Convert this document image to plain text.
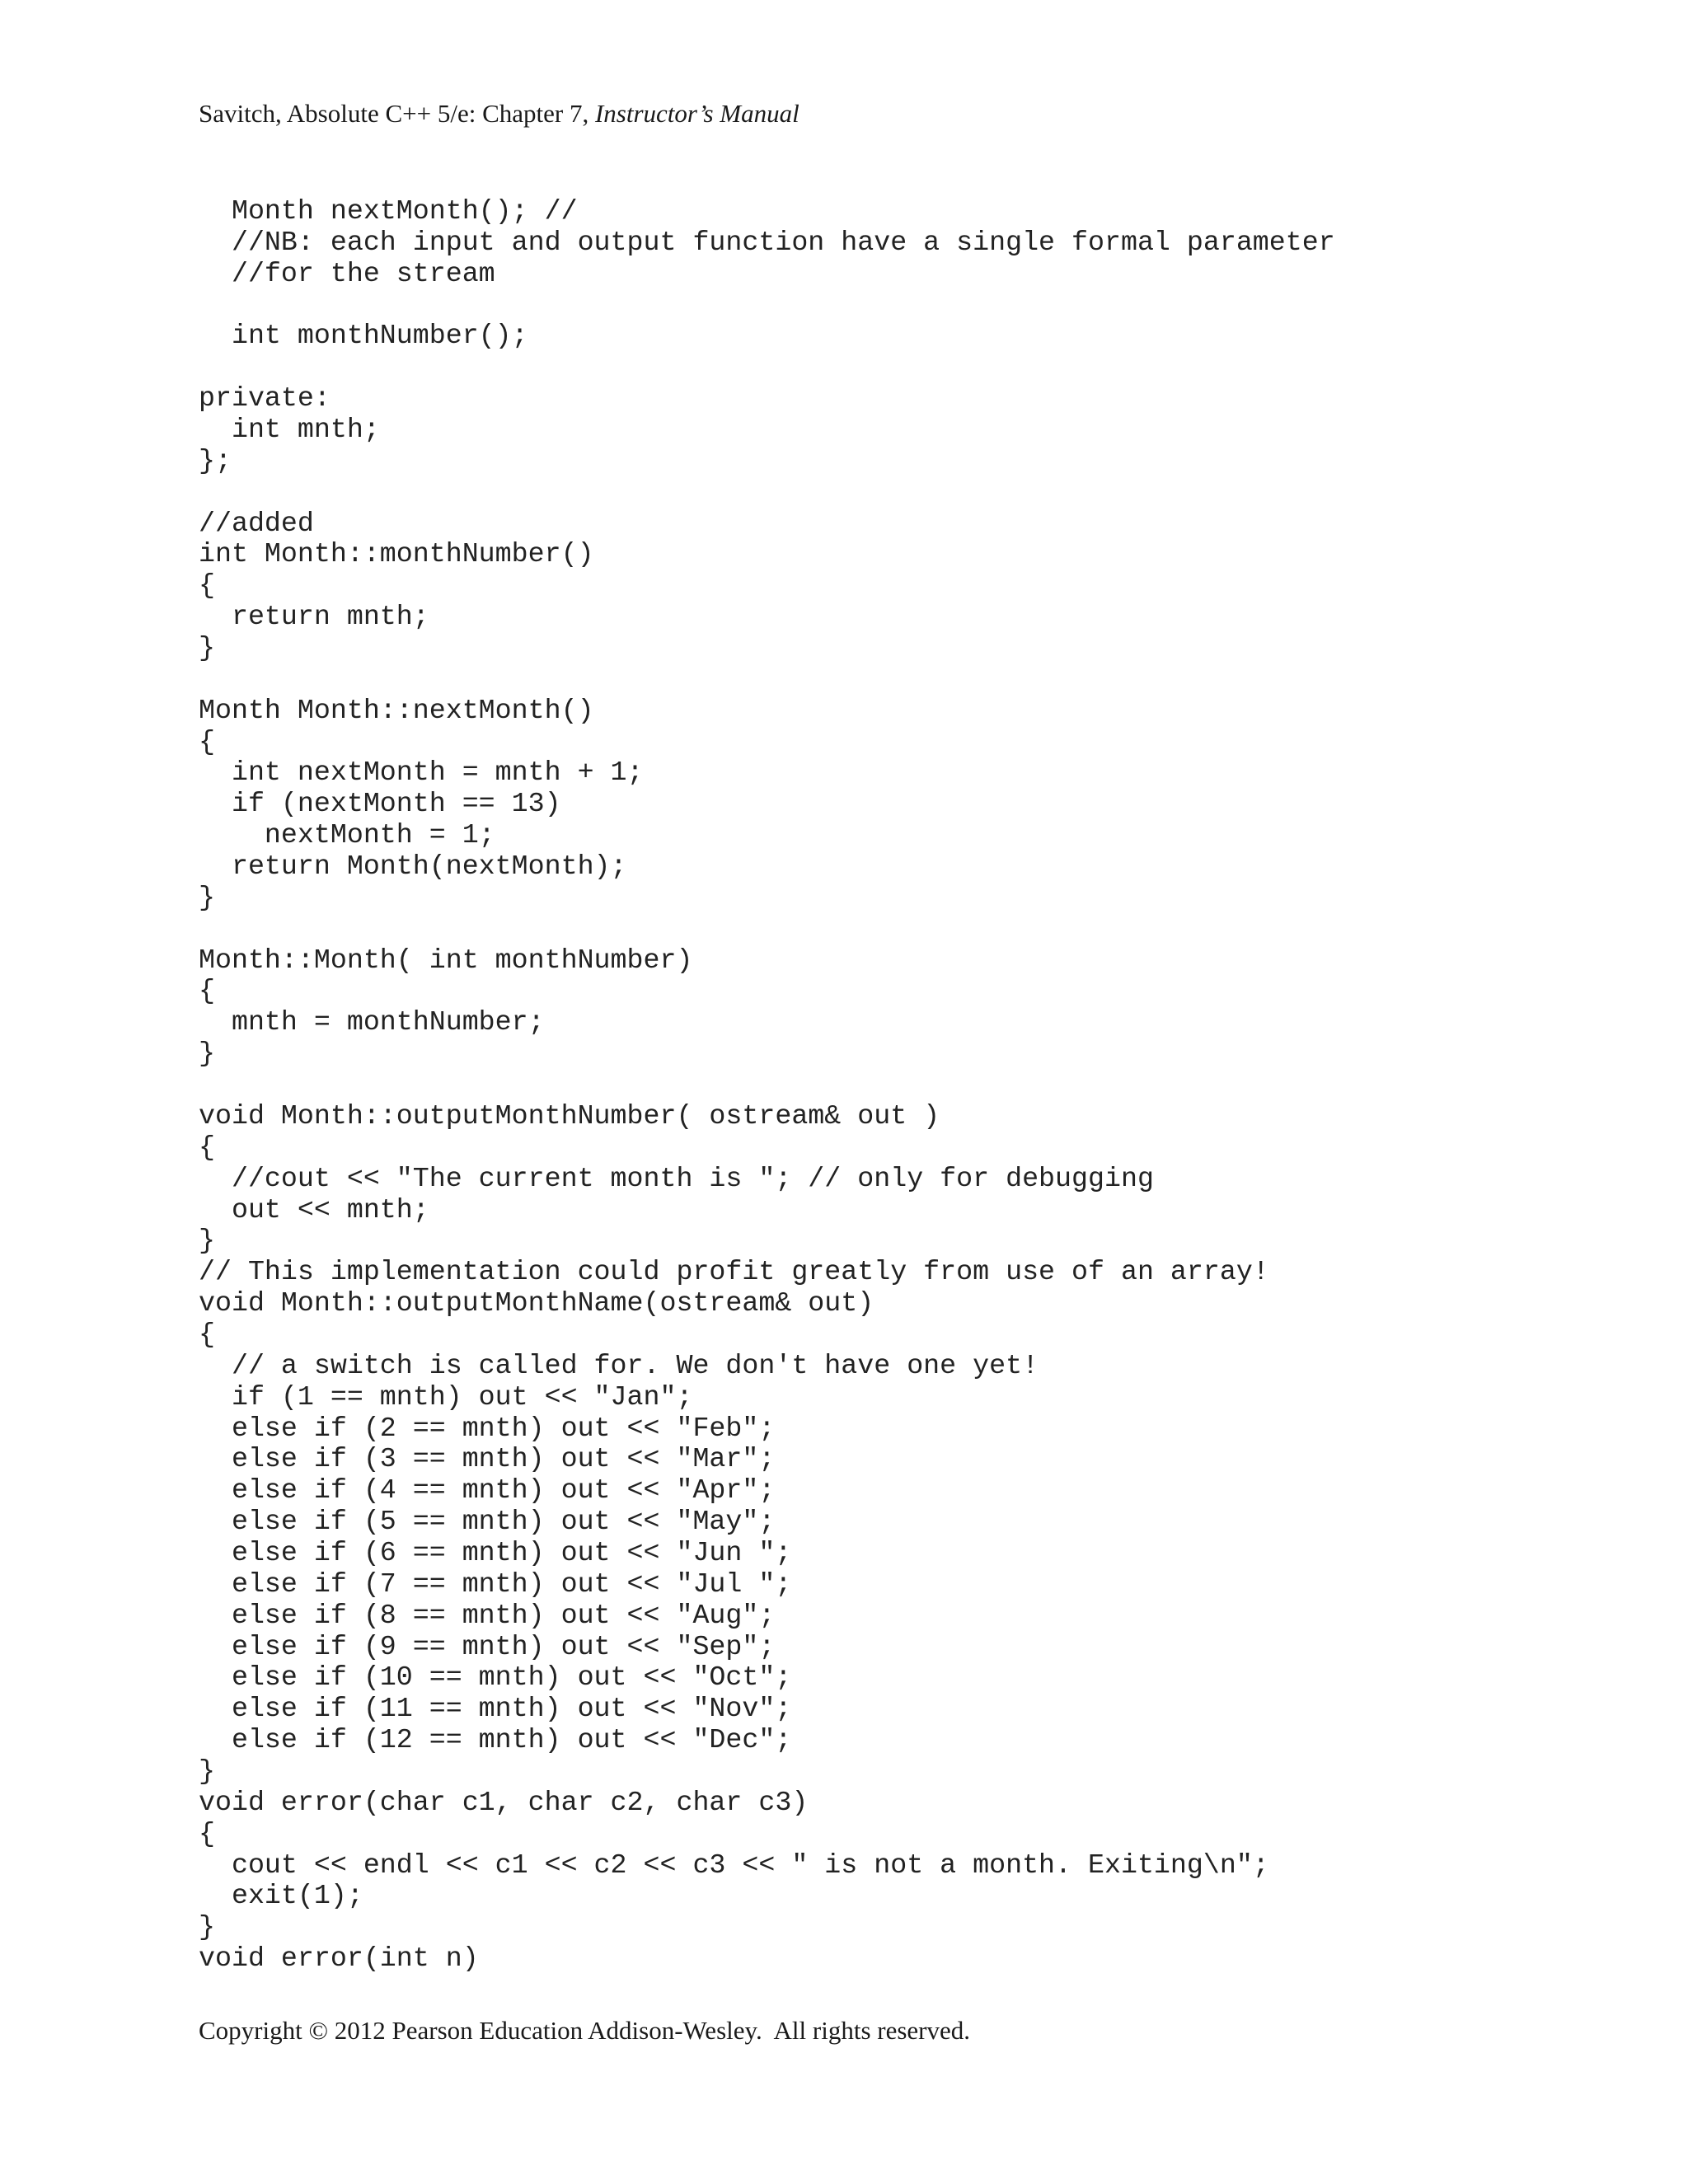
Savitch, Absolute C++ 5/e: Chapter 7, Instructor’s Manual
Month nextMonth(); //
//NB: each input and output function have a single formal parameter
//for the stream
int monthNumber();
private:
int mnth;
};
//added
int Month::monthNumber()
{
return mnth;
}
Month Month::nextMonth()
{
int nextMonth = mnth + 1;
if (nextMonth == 13)
nextMonth = 1;
return Month(nextMonth);
}
Month::Month( int monthNumber)
{
mnth = monthNumber;
}
void Month::outputMonthNumber( ostream& out )
{
//cout << "The current month is "; // only for debugging
out << mnth;
}
// This implementation could profit greatly from use of an array!
void Month::outputMonthName(ostream& out)
{
// a switch is called for. We don't have one yet!
if (1 == mnth) out << "Jan";
else if (2 == mnth) out << "Feb";
else if (3 == mnth) out << "Mar";
else if (4 == mnth) out << "Apr";
else if (5 == mnth) out << "May";
else if (6 == mnth) out << "Jun ";
else if (7 == mnth) out << "Jul ";
else if (8 == mnth) out << "Aug";
else if (9 == mnth) out << "Sep";
else if (10 == mnth) out << "Oct";
else if (11 == mnth) out << "Nov";
else if (12 == mnth) out << "Dec";
}
void error(char c1, char c2, char c3)
{
cout << endl << c1 << c2 << c3 << " is not a month. Exiting\n";
exit(1);
}
void error(int n)
Copyright © 2012 Pearson Education Addison-Wesley.  All rights reserved.
